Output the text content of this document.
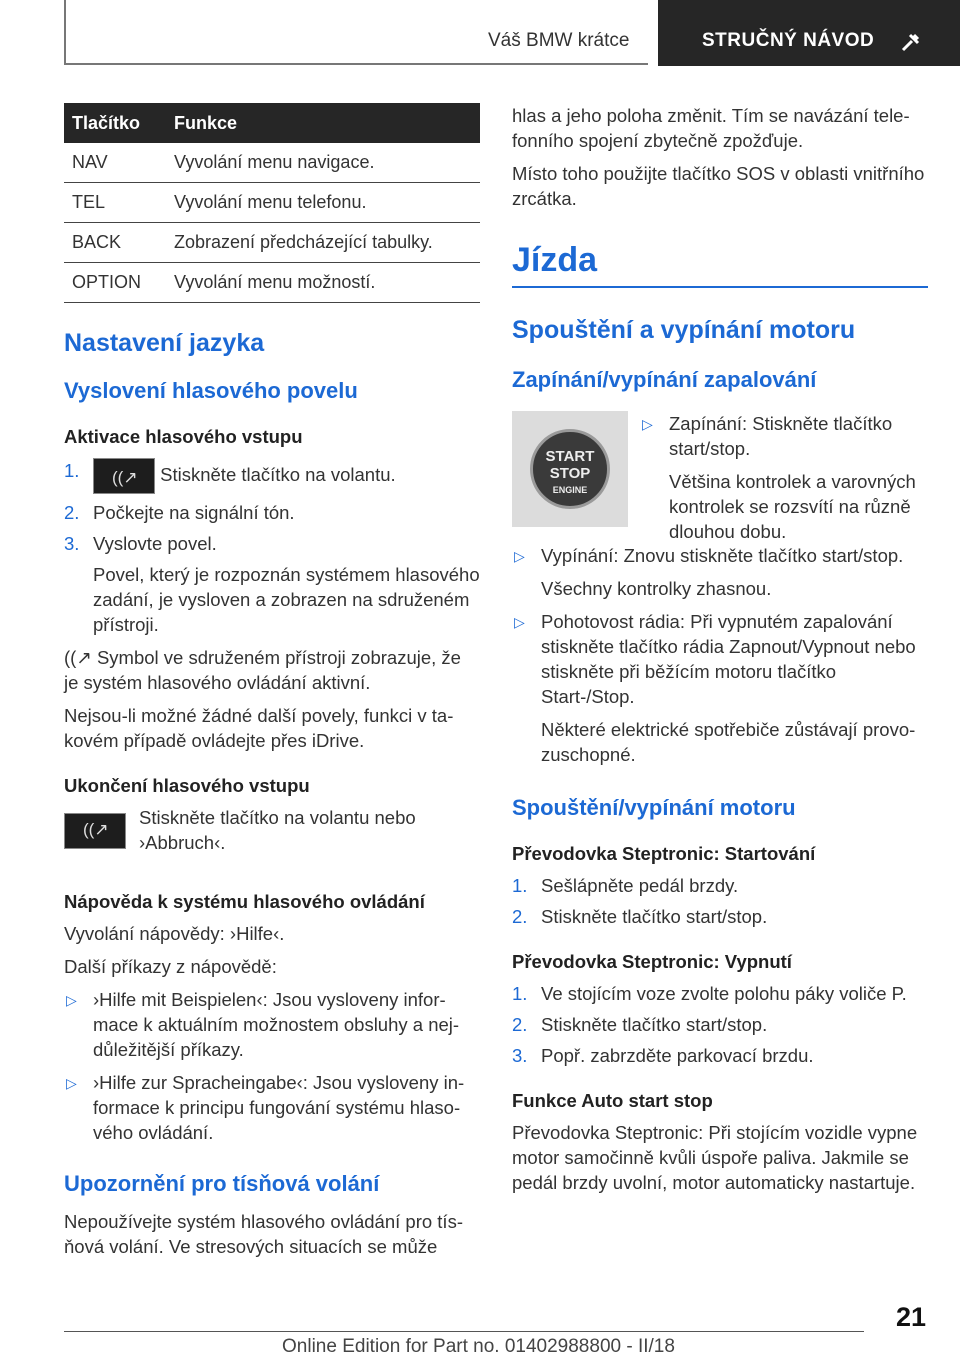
Váš BMW krátce	STRUČNÝ NÁVOD
Tlačítko	Funkce
NAV	Vyvolání menu navigace.
TEL	Vyvolání menu telefonu.
BACK	Zobrazení předcházející tabulky.
OPTION	Vyvolání menu možností.
Nastavení jazyka
Vyslovení hlasového povelu
Aktivace hlasového vstupu
1. ((↗ Stiskněte tlačítko na volantu.
2. Počkejte na signální tón.
3. Vyslovte povel.

Povel, který je rozpoznán systémem hlasového zadání, je vysloven a zobrazen na sdruženém přístroji.

((↗ Symbol ve sdruženém přístroji zobrazuje, že je systém hlasového ovládání aktivní.

Nejsou-li možné žádné další povely, funkci v takovém případě ovládejte přes iDrive.

Ukončení hlasového vstupu
((↗

Stiskněte tlačítko na volantu nebo ›Abbruch‹.

Nápověda k systému hlasového ovládání

Vyvolání nápovědy: ›Hilfe‹.

Další příkazy z nápovědě:

▷ ›Hilfe mit Beispielen‹: Jsou vysloveny informace k aktuálním možnostem obsluhy a nejdůležitější příkazy.
▷ ›Hilfe zur Spracheingabe‹: Jsou vysloveny informace k principu fungování systému hlasového ovládání.
Upozornění pro tísňová volání

Nepoužívejte systém hlasového ovládání pro tísňová volání. Ve stresových situacích se může

hlas a jeho poloha změnit. Tím se navázání telefonního spojení zbytečně zpožďuje.

Místo toho použijte tlačítko SOS v oblasti vnitřního zrcátka.

Jízda
Spouštění a vypínání motoru
Zapínání/vypínání zapalování
START
STOP
ENGINE
▷ Zapínání: Stiskněte tlačítko start/stop.

Většina kontrolek a varovných kontrolek se rozsvítí na různě dlouhou dobu.

▷ Vypínání: Znovu stiskněte tlačítko start/stop.

Všechny kontrolky zhasnou.

▷ Pohotovost rádia: Při vypnutém zapalování stiskněte tlačítko rádia Zapnout/Vypnout nebo stiskněte při běžícím motoru tlačítko Start-/Stop.

Některé elektrické spotřebiče zůstávají provozuschopné.

Spouštění/vypínání motoru
Převodovka Steptronic: Startování
1. Sešlápněte pedál brzdy.
2. Stiskněte tlačítko start/stop.
Převodovka Steptronic: Vypnutí
1. Ve stojícím voze zvolte polohu páky voliče P.
2. Stiskněte tlačítko start/stop.
3. Popř. zabrzděte parkovací brzdu.
Funkce Auto start stop

Převodovka Steptronic: Při stojícím vozidle vypne motor samočinně kvůli úspoře paliva. Jakmile se pedál brzdy uvolní, motor automaticky nastartuje.

21
Online Edition for Part no. 01402988800 - II/18
